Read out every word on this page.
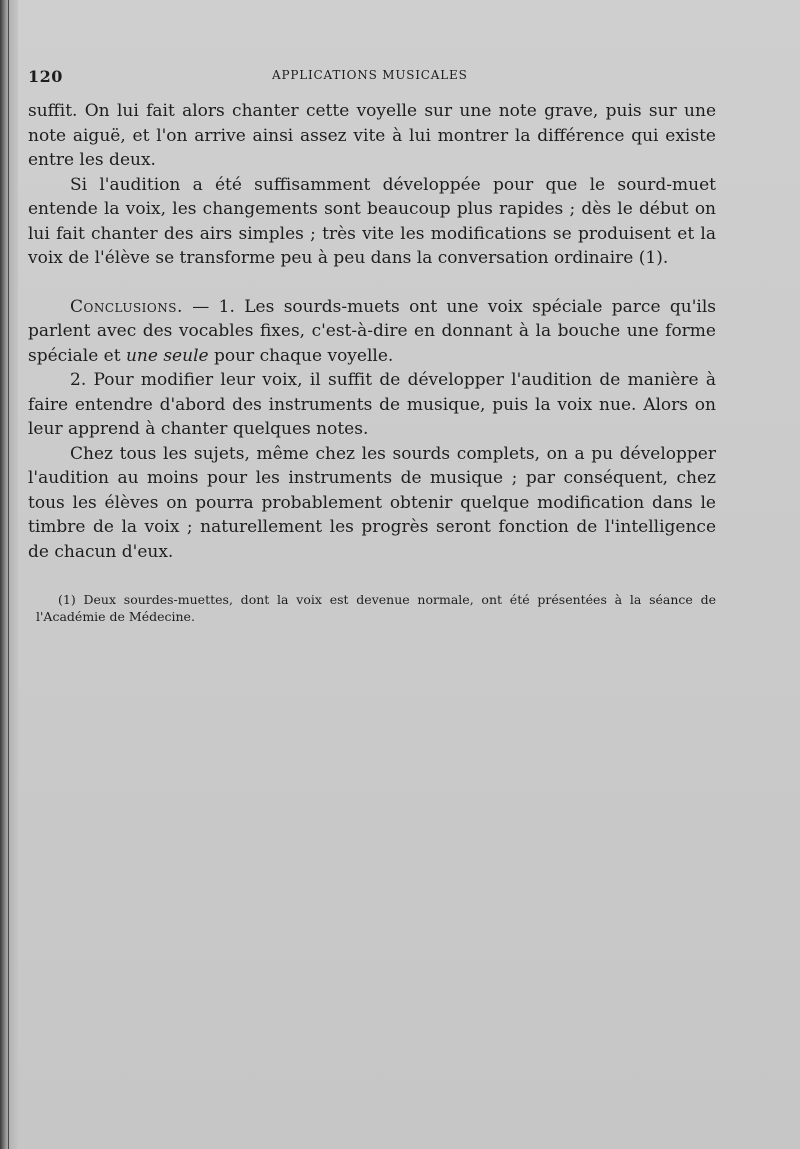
120	APPLICATIONS MUSICALES

suffit. On lui fait alors chanter cette voyelle sur une note grave, puis sur une note aiguë, et l'on arrive ainsi assez vite à lui montrer la différence qui existe entre les deux.

Si l'audition a été suffisamment développée pour que le sourd-muet entende la voix, les changements sont beaucoup plus rapides ; dès le début on lui fait chanter des airs simples ; très vite les modifications se produisent et la voix de l'élève se transforme peu à peu dans la conversation ordinaire (1).

Conclusions. — 1. Les sourds-muets ont une voix spéciale parce qu'ils parlent avec des vocables fixes, c'est-à-dire en donnant à la bouche une forme spéciale et une seule pour chaque voyelle.

2. Pour modifier leur voix, il suffit de développer l'audition de manière à faire entendre d'abord des instruments de musique, puis la voix nue. Alors on leur apprend à chanter quelques notes.

Chez tous les sujets, même chez les sourds complets, on a pu développer l'audition au moins pour les instruments de musique ; par conséquent, chez tous les élèves on pourra probablement obtenir quelque modification dans le timbre de la voix ; naturellement les progrès seront fonction de l'intelligence de chacun d'eux.

(1) Deux sourdes-muettes, dont la voix est devenue normale, ont été présentées à la séance de l'Académie de Médecine.
